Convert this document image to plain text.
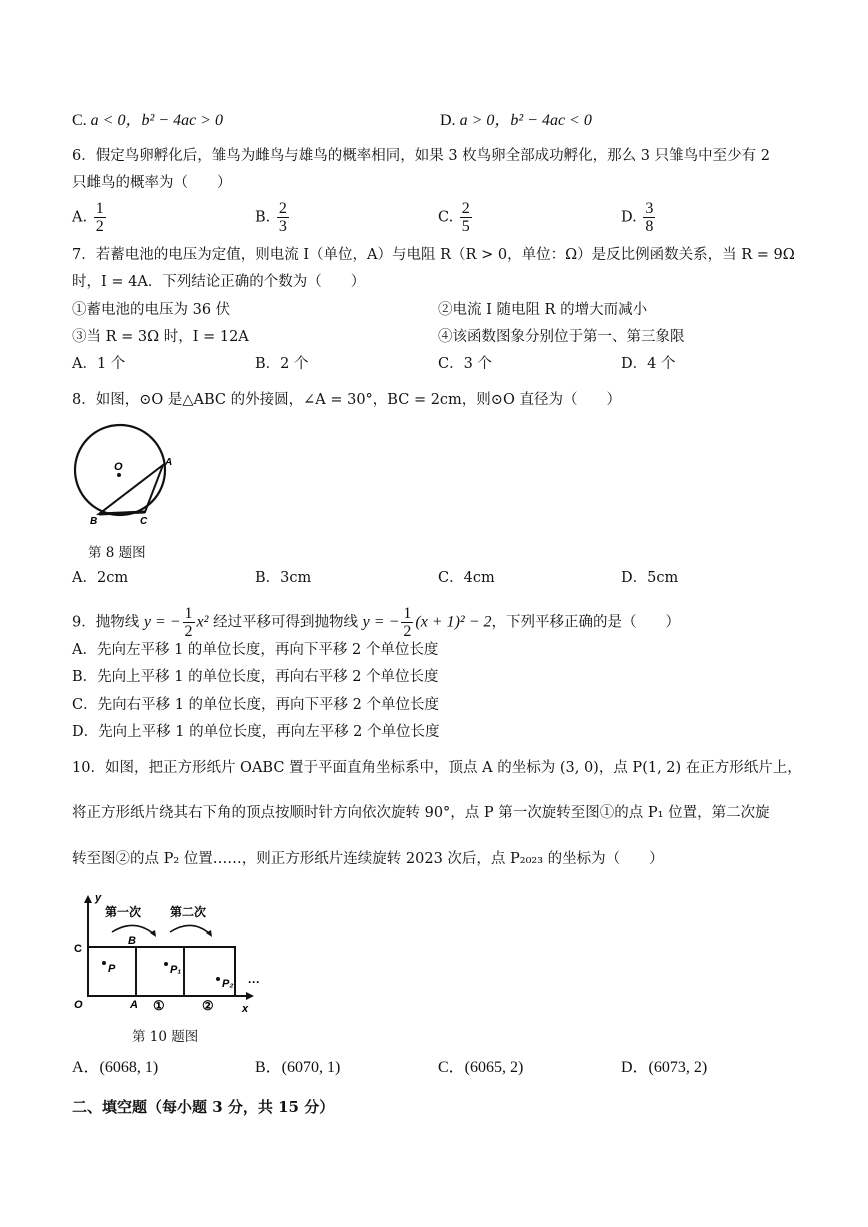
C. a < 0，b² − 4ac > 0	D. a > 0，b² − 4ac < 0
6．假定鸟卵孵化后，雏鸟为雌鸟与雄鸟的概率相同，如果 3 枚鸟卵全部成功孵化，那么 3 只雏鸟中至少有 2
只雌鸟的概率为（　　）
A. $\frac{1}{2}$	B. $\frac{2}{3}$	C. $\frac{2}{5}$	D. $\frac{3}{8}$
7．若蓄电池的电压为定值，则电流 I（单位，A）与电阻 R（R > 0，单位：Ω）是反比例函数关系，当 R = 9Ω
时，I = 4A．下列结论正确的个数为（　　）
①蓄电池的电压为 36 伏	②电流 I 随电阻 R 的增大而减小
③当 R = 3Ω 时，I = 12A	④该函数图象分别位于第一、第三象限
A．1 个	B．2 个	C．3 个	D．4 个
8．如图，⊙O 是△ABC 的外接圆，∠A = 30°，BC = 2cm，则⊙O 直径为（　　）
O	A
B	C
第 8 题图
A．2cm	B．3cm	C．4cm	D．5cm
9．抛物线 y = − $\frac{1}{2} x^2$ 经过平移可得到抛物线 y = − $\frac{1}{2} (x + 1)^2 - 2$，下列平移正确的是（　　）
A．先向左平移 1 的单位长度，再向下平移 2 个单位长度
B．先向上平移 1 的单位长度，再向右平移 2 个单位长度
C．先向右平移 1 的单位长度，再向下平移 2 个单位长度
D．先向上平移 1 的单位长度，再向左平移 2 个单位长度
10．如图，把正方形纸片 OABC 置于平面直角坐标系中，顶点 A 的坐标为 (3, 0)，点 P(1, 2) 在正方形纸片上，
将正方形纸片绕其右下角的顶点按顺时针方向依次旋转 90°，点 P 第一次旋转至图①的点 P₁ 位置，第二次旋
转至图②的点 P₂ 位置……，则正方形纸片连续旋转 2023 次后，点 P₂₀₂₃ 的坐标为（　　）
y
x
C
O	A
B
P	P₁
P₂
第一次 第二次
①	②
···
第 10 题图
A．(6068, 1)	B．(6070, 1)	C．(6065, 2)	D．(6073, 2)
二、填空题（每小题 3 分，共 15 分）
